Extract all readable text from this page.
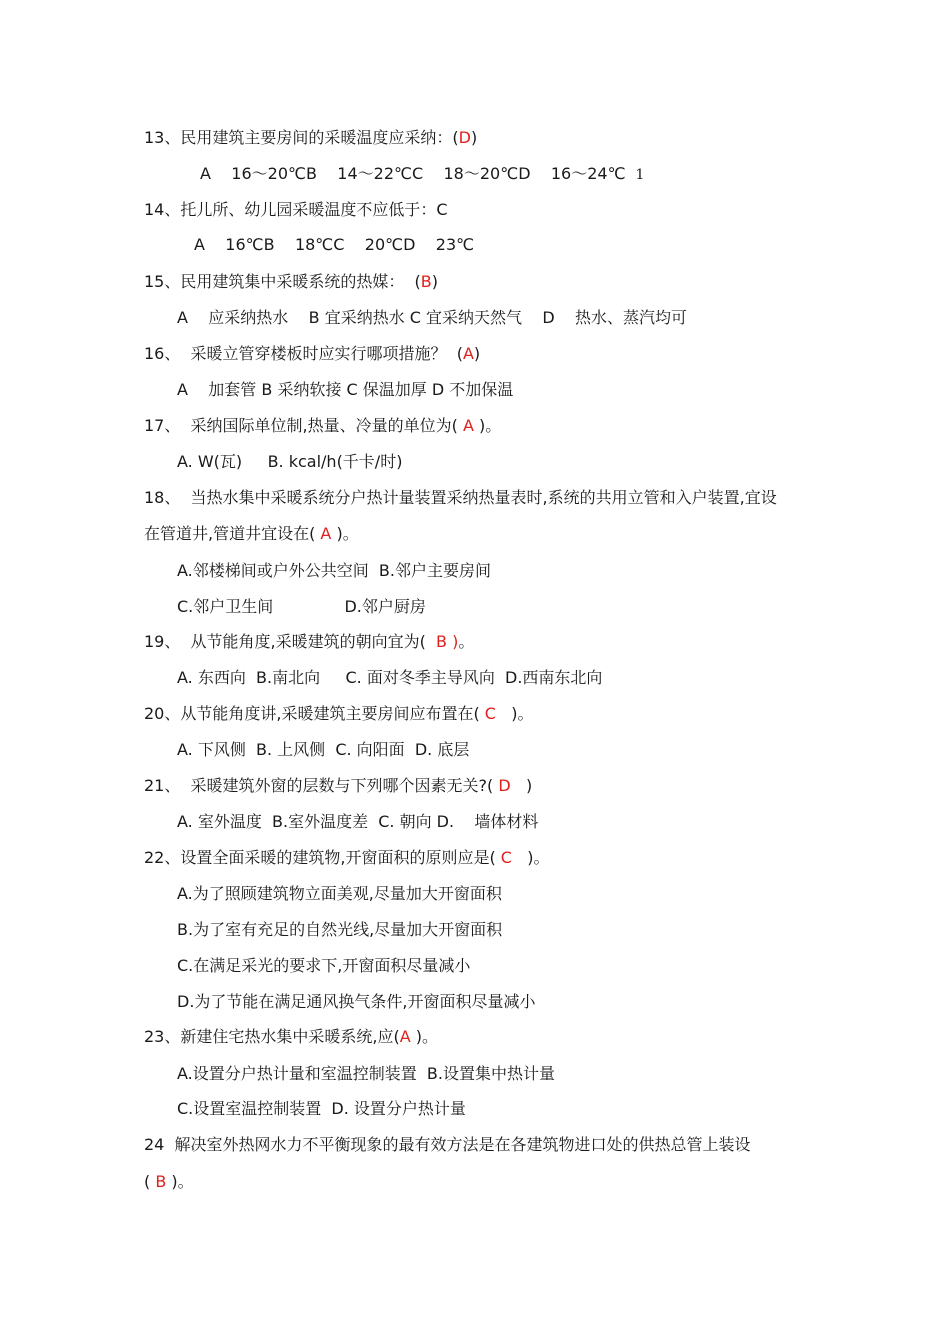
13、民用建筑主要房间的采暖温度应采纳：(D)
A    16～20℃B    14～22℃C    18～20℃D    16～24℃ 1
14、托儿所、幼儿园采暖温度不应低于：C
A    16℃B    18℃C    20℃D    23℃
15、民用建筑集中采暖系统的热媒：  (B)
A    应采纳热水    B 宜采纳热水 C 宜采纳天然气    D    热水、蒸汽均可
16、  采暖立管穿楼板时应实行哪项措施？  (A)
A    加套管 B 采纳软接 C 保温加厚 D 不加保温
17、  采纳国际单位制,热量、冷量的单位为( A )。
A. W(瓦)     B. kcal/h(千卡/时)
18、  当热水集中采暖系统分户热计量装置采纳热量表时,系统的共用立管和入户装置,宜设
在管道井,管道井宜设在( A )。
A.邻楼梯间或户外公共空间  B.邻户主要房间
C.邻户卫生间              D.邻户厨房
19、  从节能角度,采暖建筑的朝向宜为(  B )。
A. 东西向  B.南北向     C. 面对冬季主导风向  D.西南东北向
20、从节能角度讲,采暖建筑主要房间应布置在( C   )。
A. 下风侧  B. 上风侧  C. 向阳面  D. 底层
21、  采暖建筑外窗的层数与下列哪个因素无关?( D   )
A. 室外温度  B.室外温度差  C. 朝向 D.    墙体材料
22、设置全面采暖的建筑物,开窗面积的原则应是( C   )。
A.为了照顾建筑物立面美观,尽量加大开窗面积
B.为了室有充足的自然光线,尽量加大开窗面积
C.在满足采光的要求下,开窗面积尽量减小
D.为了节能在满足通风换气条件,开窗面积尽量减小
23、新建住宅热水集中采暖系统,应(A )。
A.设置分户热计量和室温控制装置  B.设置集中热计量
C.设置室温控制装置  D. 设置分户热计量
24  解决室外热网水力不平衡现象的最有效方法是在各建筑物进口处的供热总管上装设
( B )。
